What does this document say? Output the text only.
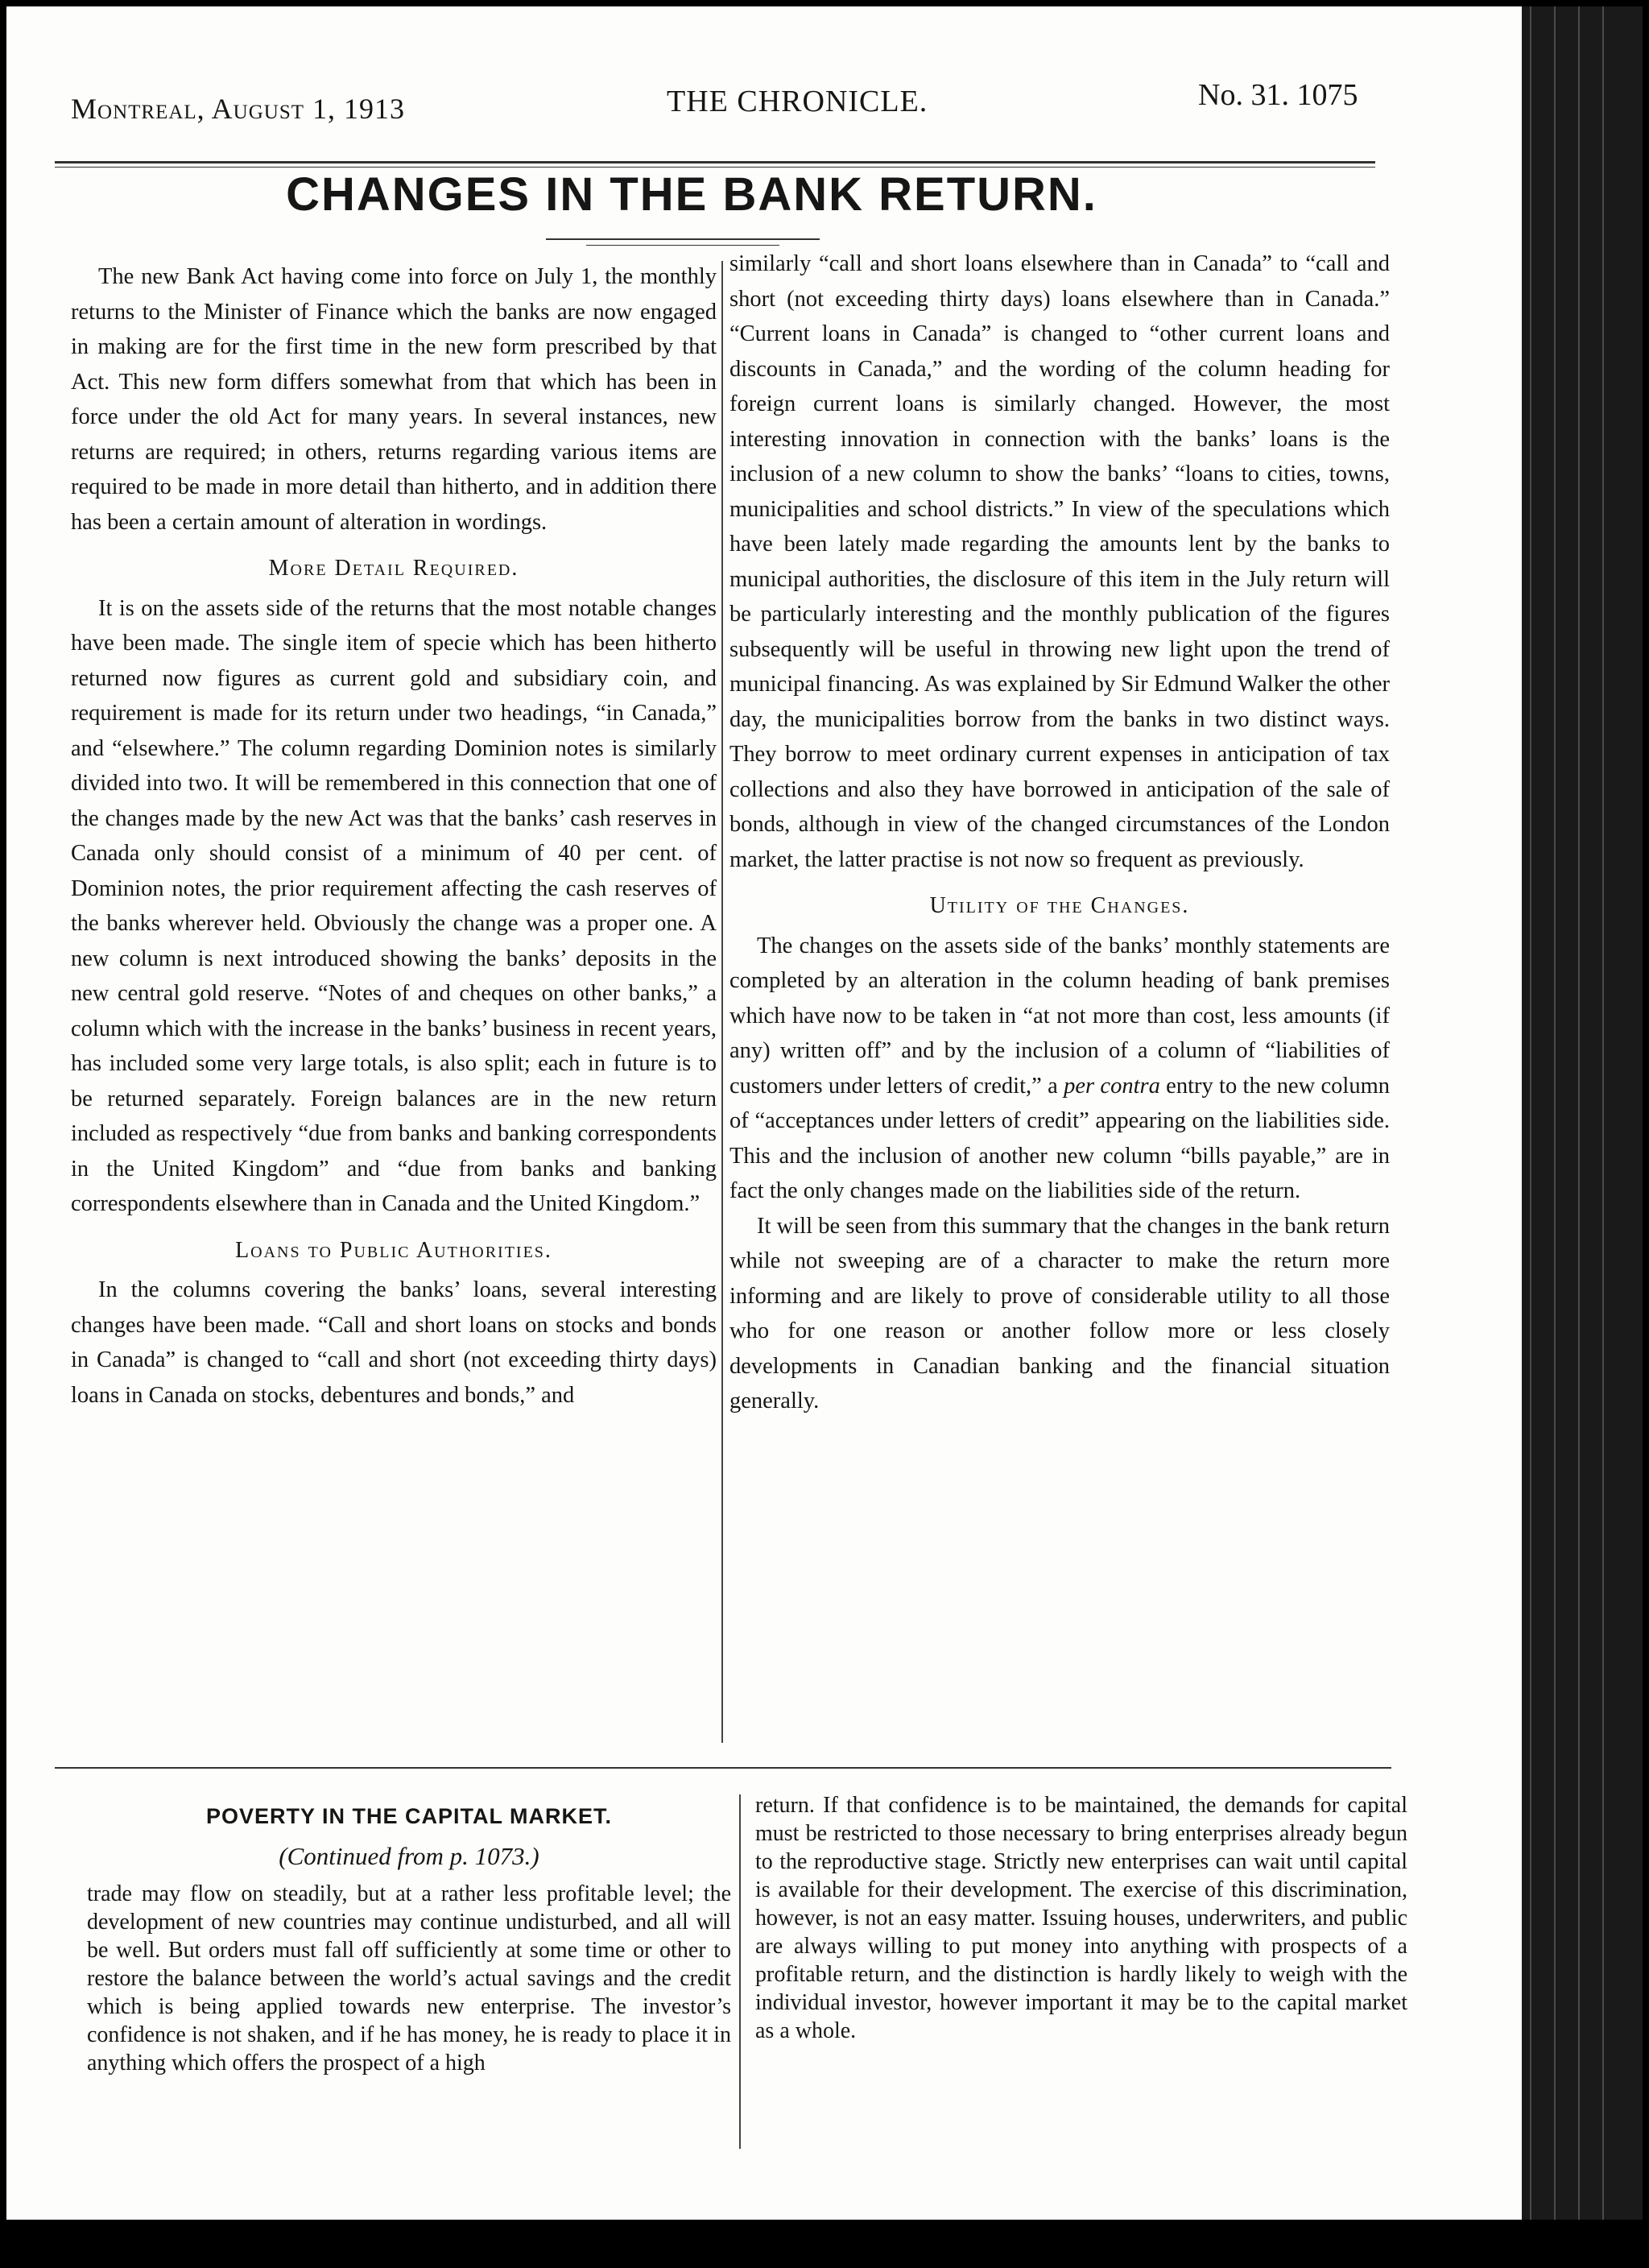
Montreal, August 1, 1913	THE CHRONICLE.	No. 31. 1075
CHANGES IN THE BANK RETURN.

The new Bank Act having come into force on July 1, the monthly returns to the Minister of Finance which the banks are now engaged in making are for the first time in the new form prescribed by that Act. This new form differs somewhat from that which has been in force under the old Act for many years. In several instances, new returns are required; in others, returns regarding various items are required to be made in more detail than hitherto, and in addition there has been a certain amount of alteration in wordings.

More Detail Required.

It is on the assets side of the returns that the most notable changes have been made. The single item of specie which has been hitherto returned now figures as current gold and subsidiary coin, and requirement is made for its return under two headings, “in Canada,” and “elsewhere.” The column regarding Dominion notes is similarly divided into two. It will be remembered in this connection that one of the changes made by the new Act was that the banks’ cash reserves in Canada only should consist of a minimum of 40 per cent. of Dominion notes, the prior requirement affecting the cash reserves of the banks wherever held. Obviously the change was a proper one. A new column is next introduced showing the banks’ deposits in the new central gold reserve. “Notes of and cheques on other banks,” a column which with the increase in the banks’ business in recent years, has included some very large totals, is also split; each in future is to be returned separately. Foreign balances are in the new return included as respectively “due from banks and banking correspondents in the United Kingdom” and “due from banks and banking correspondents elsewhere than in Canada and the United Kingdom.”

Loans to Public Authorities.

In the columns covering the banks’ loans, several interesting changes have been made. “Call and short loans on stocks and bonds in Canada” is changed to “call and short (not exceeding thirty days) loans in Canada on stocks, debentures and bonds,” and

similarly “call and short loans elsewhere than in Canada” to “call and short (not exceeding thirty days) loans elsewhere than in Canada.” “Current loans in Canada” is changed to “other current loans and discounts in Canada,” and the wording of the column heading for foreign current loans is similarly changed. However, the most interesting innovation in connection with the banks’ loans is the inclusion of a new column to show the banks’ “loans to cities, towns, municipalities and school districts.” In view of the speculations which have been lately made regarding the amounts lent by the banks to municipal authorities, the disclosure of this item in the July return will be particularly interesting and the monthly publication of the figures subsequently will be useful in throwing new light upon the trend of municipal financing. As was explained by Sir Edmund Walker the other day, the municipalities borrow from the banks in two distinct ways. They borrow to meet ordinary current expenses in anticipation of tax collections and also they have borrowed in anticipation of the sale of bonds, although in view of the changed circumstances of the London market, the latter practise is not now so frequent as previously.

Utility of the Changes.

The changes on the assets side of the banks’ monthly statements are completed by an alteration in the column heading of bank premises which have now to be taken in “at not more than cost, less amounts (if any) written off” and by the inclusion of a column of “liabilities of customers under letters of credit,” a per contra entry to the new column of “acceptances under letters of credit” appearing on the liabilities side. This and the inclusion of another new column “bills payable,” are in fact the only changes made on the liabilities side of the return.

It will be seen from this summary that the changes in the bank return while not sweeping are of a character to make the return more informing and are likely to prove of considerable utility to all those who for one reason or another follow more or less closely developments in Canadian banking and the financial situation generally.

POVERTY IN THE CAPITAL MARKET.
(Continued from p. 1073.)

trade may flow on steadily, but at a rather less profitable level; the development of new countries may continue undisturbed, and all will be well. But orders must fall off sufficiently at some time or other to restore the balance between the world’s actual savings and the credit which is being applied towards new enterprise. The investor’s confidence is not shaken, and if he has money, he is ready to place it in anything which offers the prospect of a high

return. If that confidence is to be maintained, the demands for capital must be restricted to those necessary to bring enterprises already begun to the reproductive stage. Strictly new enterprises can wait until capital is available for their development. The exercise of this discrimination, however, is not an easy matter. Issuing houses, underwriters, and public are always willing to put money into anything with prospects of a profitable return, and the distinction is hardly likely to weigh with the individual investor, however important it may be to the capital market as a whole.
